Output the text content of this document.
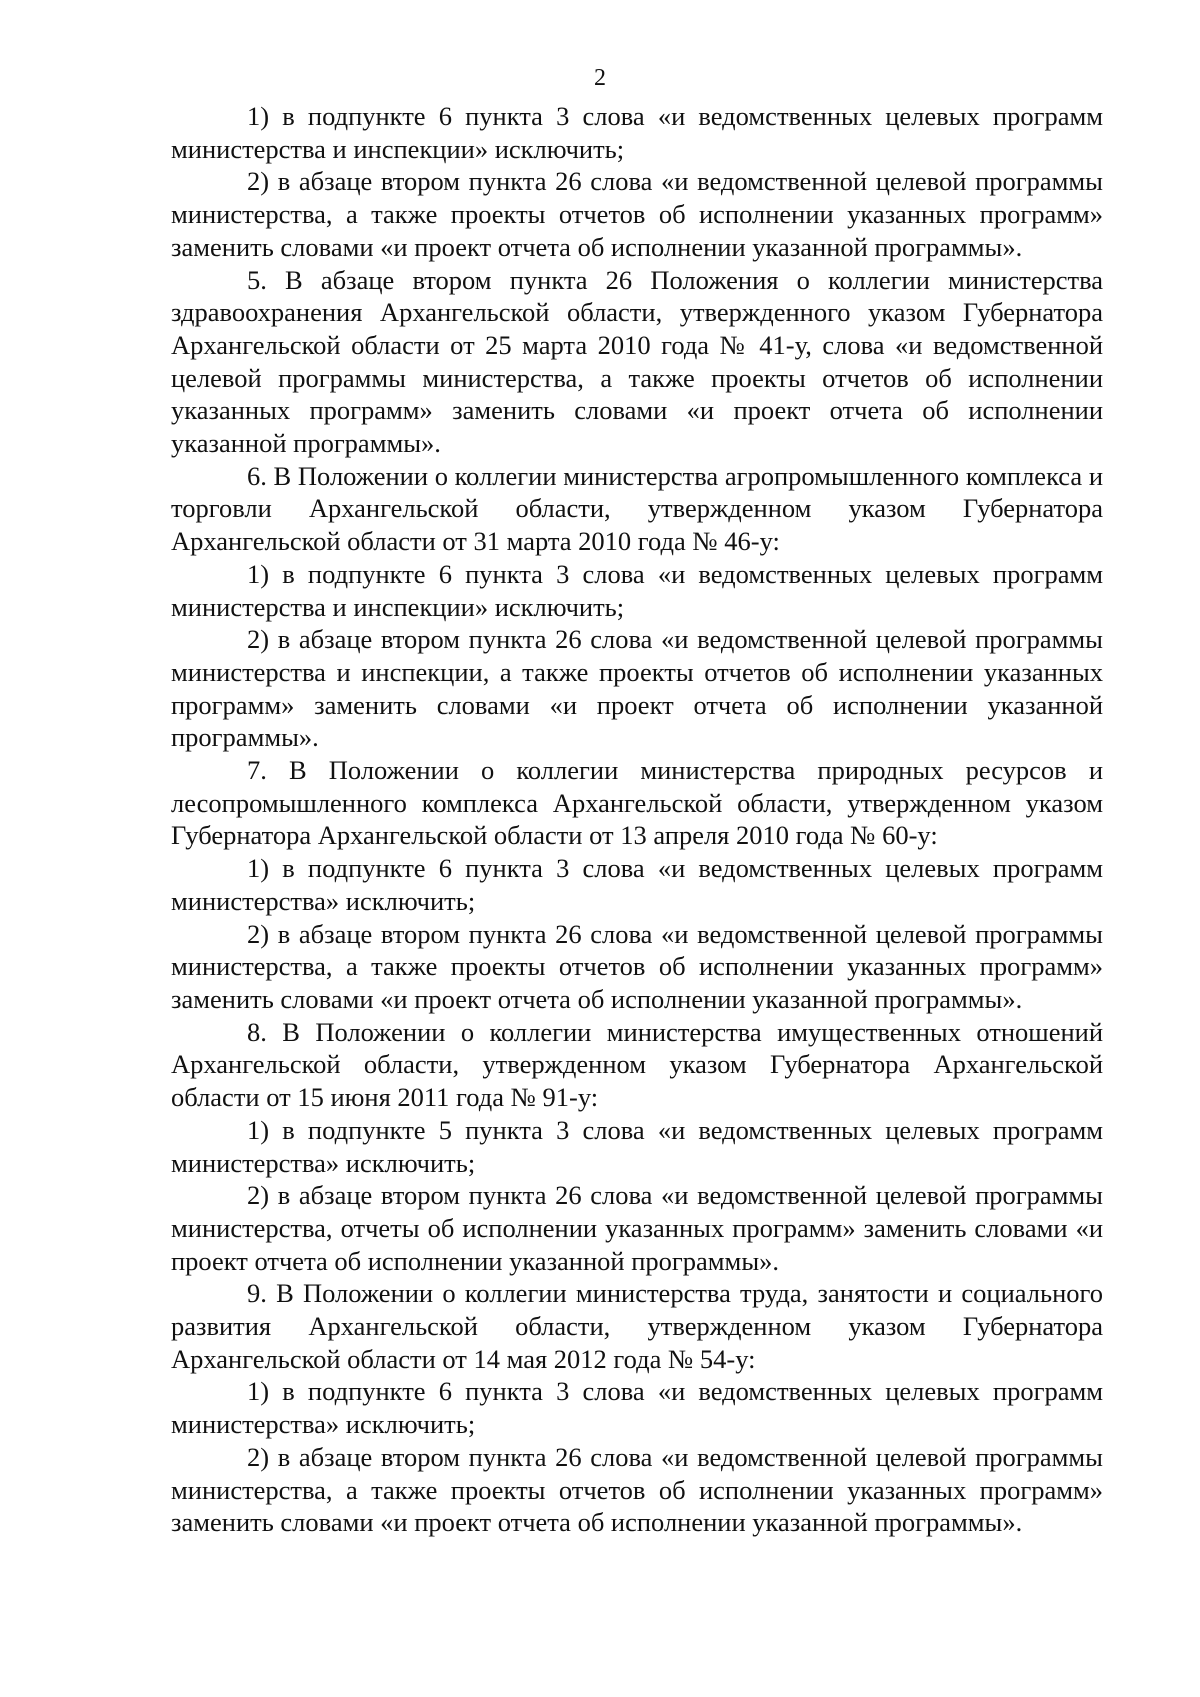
2

1) в подпункте 6 пункта 3 слова «и ведомственных целевых программ министерства и инспекции» исключить;

2) в абзаце втором пункта 26 слова «и ведомственной целевой программы министерства, а также проекты отчетов об исполнении указанных программ» заменить словами «и проект отчета об исполнении указанной программы».

5. В абзаце втором пункта 26 Положения о коллегии министерства здравоохранения Архангельской области, утвержденного указом Губернатора Архангельской области от 25 марта 2010 года № 41-у, слова «и ведомственной целевой программы министерства, а также проекты отчетов об исполнении указанных программ» заменить словами «и проект отчета об исполнении указанной программы».

6. В Положении о коллегии министерства агропромышленного комплекса и торговли Архангельской области, утвержденном указом Губернатора Архангельской области от 31 марта 2010 года № 46-у:

1) в подпункте 6 пункта 3 слова «и ведомственных целевых программ министерства и инспекции» исключить;

2) в абзаце втором пункта 26 слова «и ведомственной целевой программы министерства и инспекции, а также проекты отчетов об исполнении указанных программ» заменить словами «и проект отчета об исполнении указанной программы».

7. В Положении о коллегии министерства природных ресурсов и лесопромышленного комплекса Архангельской области, утвержденном указом Губернатора Архангельской области от 13 апреля 2010 года № 60-у:

1) в подпункте 6 пункта 3 слова «и ведомственных целевых программ министерства» исключить;

2) в абзаце втором пункта 26 слова «и ведомственной целевой программы министерства, а также проекты отчетов об исполнении указанных программ» заменить словами «и проект отчета об исполнении указанной программы».

8. В Положении о коллегии министерства имущественных отношений Архангельской области, утвержденном указом Губернатора Архангельской области от 15 июня 2011 года № 91-у:

1) в подпункте 5 пункта 3 слова «и ведомственных целевых программ министерства» исключить;

2) в абзаце втором пункта 26 слова «и ведомственной целевой программы министерства, отчеты об исполнении указанных программ» заменить словами «и проект отчета об исполнении указанной программы».

9. В Положении о коллегии министерства труда, занятости и социального развития Архангельской области, утвержденном указом Губернатора Архангельской области от 14 мая 2012 года № 54-у:

1) в подпункте 6 пункта 3 слова «и ведомственных целевых программ министерства» исключить;

2) в абзаце втором пункта 26 слова «и ведомственной целевой программы министерства, а также проекты отчетов об исполнении указанных программ» заменить словами «и проект отчета об исполнении указанной программы».
